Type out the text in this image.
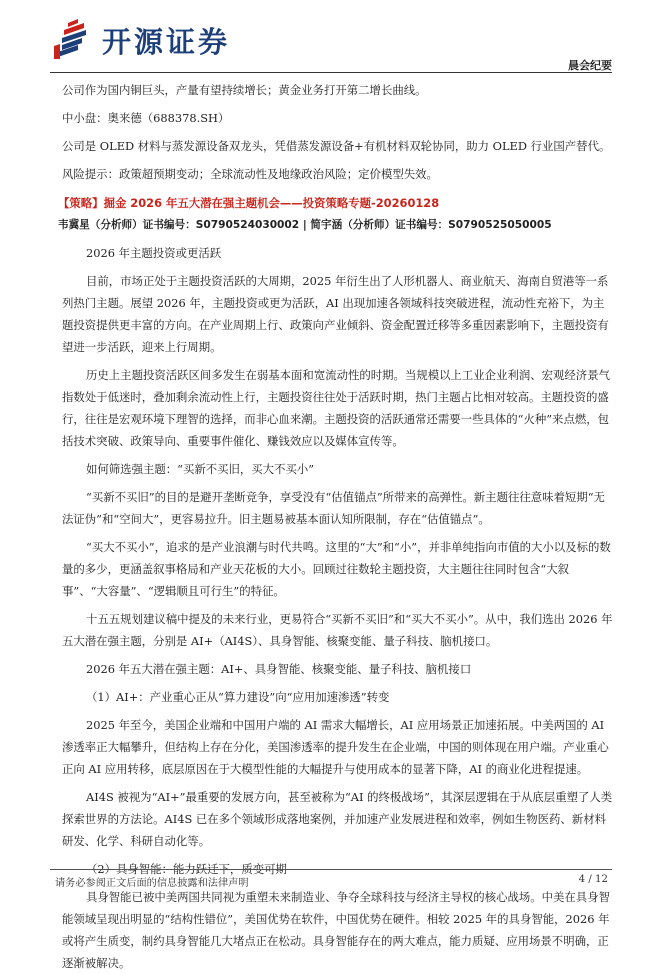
开源证券
晨会纪要

公司作为国内铜巨头，产量有望持续增长；黄金业务打开第二增长曲线。

中小盘：奥来德（688378.SH）

公司是 OLED 材料与蒸发源设备双龙头，凭借蒸发源设备+有机材料双轮协同，助力 OLED 行业国产替代。

风险提示：政策超预期变动；全球流动性及地缘政治风险；定价模型失效。

【策略】掘金 2026 年五大潜在强主题机会——投资策略专题-20260128
韦冀星（分析师）证书编号：S0790524030002 | 简宇涵（分析师）证书编号：S0790525050005

2026 年主题投资或更活跃

目前，市场正处于主题投资活跃的大周期，2025 年衍生出了人形机器人、商业航天、海南自贸港等一系列热门主题。展望 2026 年，主题投资或更为活跃，AI 出现加速各领域科技突破进程，流动性充裕下，为主题投资提供更丰富的方向。在产业周期上行、政策向产业倾斜、资金配置迁移等多重因素影响下，主题投资有望进一步活跃，迎来上行周期。

历史上主题投资活跃区间多发生在弱基本面和宽流动性的时期。当规模以上工业企业利润、宏观经济景气指数处于低迷时，叠加剩余流动性上行，主题投资往往处于活跃时期，热门主题占比相对较高。主题投资的盛行，往往是宏观环境下理智的选择，而非心血来潮。主题投资的活跃通常还需要一些具体的“火种”来点燃，包括技术突破、政策导向、重要事件催化、赚钱效应以及媒体宣传等。

如何筛选强主题：“买新不买旧，买大不买小”

“买新不买旧”的目的是避开垄断竞争，享受没有“估值锚点”所带来的高弹性。新主题往往意味着短期“无法证伪”和“空间大”，更容易拉升。旧主题易被基本面认知所限制，存在“估值锚点”。

“买大不买小”，追求的是产业浪潮与时代共鸣。这里的“大”和“小”，并非单纯指向市值的大小以及标的数量的多少，更涵盖叙事格局和产业天花板的大小。回顾过往数轮主题投资，大主题往往同时包含“大叙事”、“大容量”、“逻辑顺且可行生”的特征。

十五五规划建议稿中提及的未来行业，更易符合“买新不买旧”和“买大不买小”。从中，我们选出 2026 年五大潜在强主题，分别是 AI+（AI4S）、具身智能、核聚变能、量子科技、脑机接口。

2026 年五大潜在强主题：AI+、具身智能、核聚变能、量子科技、脑机接口

（1）AI+：产业重心正从“算力建设”向“应用加速渗透”转变

2025 年至今，美国企业端和中国用户端的 AI 需求大幅增长，AI 应用场景正加速拓展。中美两国的 AI 渗透率正大幅攀升，但结构上存在分化，美国渗透率的提升发生在企业端，中国的则体现在用户端。产业重心正向 AI 应用转移，底层原因在于大模型性能的大幅提升与使用成本的显著下降，AI 的商业化进程提速。

AI4S 被视为“AI+”最重要的发展方向，甚至被称为“AI 的终极战场”，其深层逻辑在于从底层重塑了人类探索世界的方法论。AI4S 已在多个领域形成落地案例，并加速产业发展进程和效率，例如生物医药、新材料研发、化学、科研自动化等。

（2）具身智能：能力跃迁下，质变可期

具身智能已被中美两国共同视为重塑未来制造业、争夺全球科技与经济主导权的核心战场。中美在具身智能领域呈现出明显的“结构性错位”，美国优势在软件，中国优势在硬件。相较 2025 年的具身智能，2026 年或将产生质变，制约具身智能几大堵点正在松动。具身智能存在的两大难点，能力质疑、应用场景不明确，正逐渐被解决。

请务必参阅正文后面的信息披露和法律声明	4 / 12
